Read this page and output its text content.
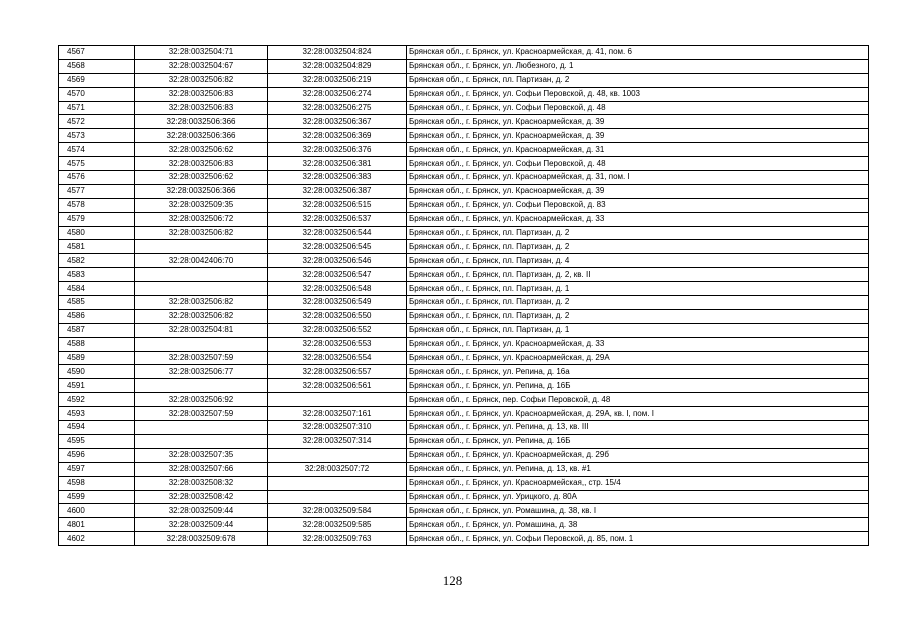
4567	32:28:0032504:71	32:28:0032504:824	Брянская обл., г. Брянск, ул. Красноармейская, д. 41, пом. 6
4568	32:28:0032504:67	32:28:0032504:829	Брянская обл., г. Брянск, ул. Любезного, д. 1
4569	32:28:0032506:82	32:28:0032506:219	Брянская обл., г. Брянск, пл. Партизан, д. 2
4570	32:28:0032506:83	32:28:0032506:274	Брянская обл., г. Брянск, ул. Софьи Перовской, д. 48, кв. 1003
4571	32:28:0032506:83	32:28:0032506:275	Брянская обл., г. Брянск, ул. Софьи Перовской, д. 48
4572	32:28:0032506:366	32:28:0032506:367	Брянская обл., г. Брянск, ул. Красноармейская, д. 39
4573	32:28:0032506:366	32:28:0032506:369	Брянская обл., г. Брянск, ул. Красноармейская, д. 39
4574	32:28:0032506:62	32:28:0032506:376	Брянская обл., г. Брянск, ул. Красноармейская, д. 31
4575	32:28:0032506:83	32:28:0032506:381	Брянская обл., г. Брянск, ул. Софьи Перовской, д. 48
4576	32:28:0032506:62	32:28:0032506:383	Брянская обл., г. Брянск, ул. Красноармейская, д. 31, пом. I
4577	32:28:0032506:366	32:28:0032506:387	Брянская обл., г. Брянск, ул. Красноармейская, д. 39
4578	32:28:0032509:35	32:28:0032506:515	Брянская обл., г. Брянск, ул. Софьи Перовской, д. 83
4579	32:28:0032506:72	32:28:0032506:537	Брянская обл., г. Брянск, ул. Красноармейская, д. 33
4580	32:28:0032506:82	32:28:0032506:544	Брянская обл., г. Брянск, пл. Партизан, д. 2
4581		32:28:0032506:545	Брянская обл., г. Брянск, пл. Партизан, д. 2
4582	32:28:0042406:70	32:28:0032506:546	Брянская обл., г. Брянск, пл. Партизан, д. 4
4583		32:28:0032506:547	Брянская обл., г. Брянск, пл. Партизан, д. 2, кв. II
4584		32:28:0032506:548	Брянская обл., г. Брянск, пл. Партизан, д. 1
4585	32:28:0032506:82	32:28:0032506:549	Брянская обл., г. Брянск, пл. Партизан, д. 2
4586	32:28:0032506:82	32:28:0032506:550	Брянская обл., г. Брянск, пл. Партизан, д. 2
4587	32:28:0032504:81	32:28:0032506:552	Брянская обл., г. Брянск, пл. Партизан, д. 1
4588		32:28:0032506:553	Брянская обл., г. Брянск, ул. Красноармейская, д. 33
4589	32:28:0032507:59	32:28:0032506:554	Брянская обл., г. Брянск, ул. Красноармейская, д. 29А
4590	32:28:0032506:77	32:28:0032506:557	Брянская обл., г. Брянск, ул. Репина, д. 16а
4591		32:28:0032506:561	Брянская обл., г. Брянск, ул. Репина, д. 16Б
4592	32:28:0032506:92		Брянская обл., г. Брянск, пер. Софьи Перовской, д. 48
4593	32:28:0032507:59	32:28:0032507:161	Брянская обл., г. Брянск, ул. Красноармейская, д. 29А, кв. I, пом. I
4594		32:28:0032507:310	Брянская обл., г. Брянск, ул. Репина, д. 13, кв. III
4595		32:28:0032507:314	Брянская обл., г. Брянск, ул. Репина, д. 16Б
4596	32:28:0032507:35		Брянская обл., г. Брянск, ул. Красноармейская, д. 29б
4597	32:28:0032507:66	32:28:0032507:72	Брянская обл., г. Брянск, ул. Репина, д. 13, кв. #1
4598	32:28:0032508:32		Брянская обл., г. Брянск, ул. Красноармейская,, стр. 15/4
4599	32:28:0032508:42		Брянская обл., г. Брянск, ул. Урицкого, д. 80А
4600	32:28:0032509:44	32:28:0032509:584	Брянская обл., г. Брянск, ул. Ромашина, д. 38, кв. I
4801	32:28:0032509:44	32:28:0032509:585	Брянская обл., г. Брянск, ул. Ромашина, д. 38
4602	32:28:0032509:678	32:28:0032509:763	Брянская обл., г. Брянск, ул. Софьи Перовской, д. 85, пом. 1
128
